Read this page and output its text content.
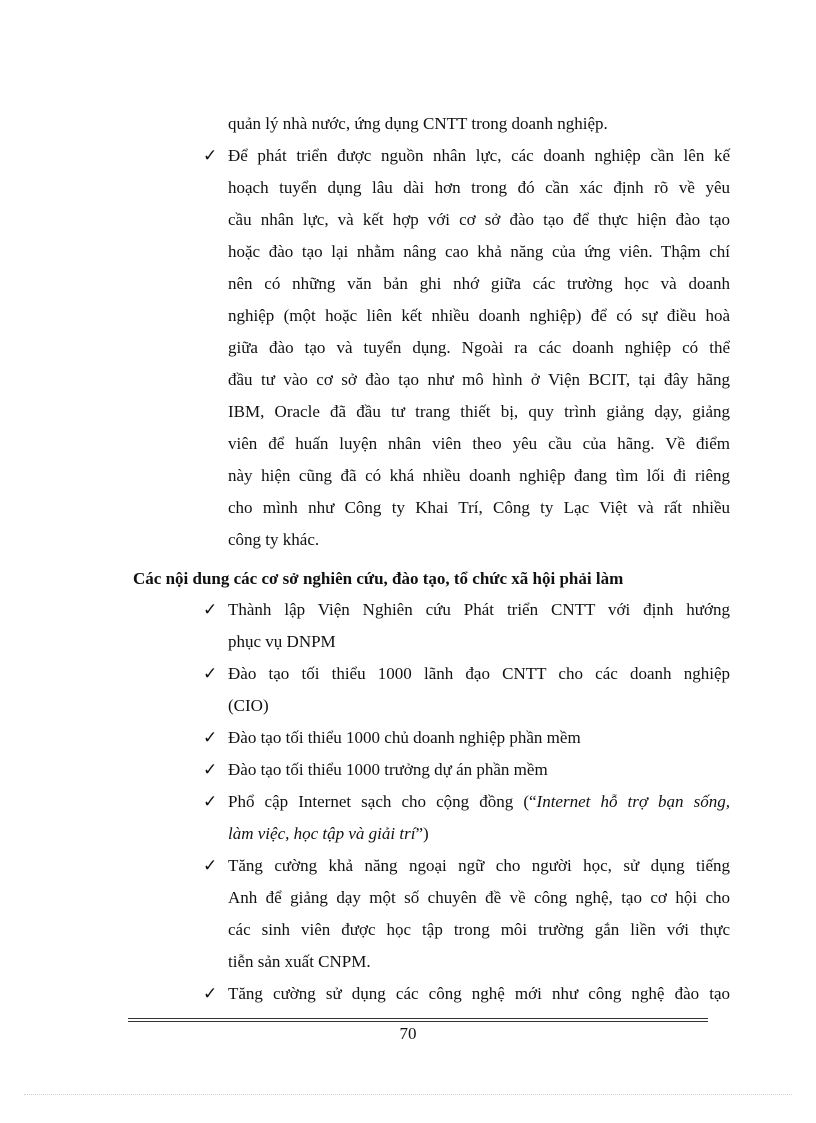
quản lý nhà nước, ứng dụng CNTT trong doanh nghiệp.
✓ Để phát triển được nguồn nhân lực, các doanh nghiệp cần lên kế
hoạch tuyển dụng lâu dài hơn trong đó cần xác định rõ về yêu
cầu nhân lực, và kết hợp với cơ sở đào tạo để thực hiện đào tạo
hoặc đào tạo lại nhằm nâng cao khả năng của ứng viên. Thậm chí
nên có những văn bản ghi nhớ giữa các trường học và doanh
nghiệp (một hoặc liên kết nhiều doanh nghiệp) để có sự điều hoà
giữa đào tạo và tuyển dụng. Ngoài ra các doanh nghiệp có thể
đầu tư vào cơ sở đào tạo như mô hình ở Viện BCIT, tại đây hãng
IBM, Oracle đã đầu tư trang thiết bị, quy trình giảng dạy, giảng
viên để huấn luyện nhân viên theo yêu cầu của hãng. Về điểm
này hiện cũng đã có khá nhiều doanh nghiệp đang tìm lối đi riêng
cho mình như Công ty Khai Trí, Công ty Lạc Việt và rất nhiều
công ty khác.
Các nội dung các cơ sở nghiên cứu, đào tạo, tổ chức xã hội phải làm
✓ Thành lập Viện Nghiên cứu Phát triển CNTT với định hướng
phục vụ DNPM
✓ Đào tạo tối thiểu 1000 lãnh đạo CNTT cho các doanh nghiệp
(CIO)
✓ Đào tạo tối thiểu 1000 chủ doanh nghiệp phần mềm
✓ Đào tạo tối thiểu 1000 trưởng dự án phần mềm
✓ Phổ cập Internet sạch cho cộng đồng (“Internet hỗ trợ bạn sống,
làm việc, học tập và giải trí”)
✓ Tăng cường khả năng ngoại ngữ cho người học, sử dụng tiếng
Anh để giảng dạy một số chuyên đề về công nghệ, tạo cơ hội cho
các sinh viên được học tập trong môi trường gắn liền với thực
tiễn sản xuất CNPM.
✓ Tăng cường sử dụng các công nghệ mới như công nghệ đào tạo
70
